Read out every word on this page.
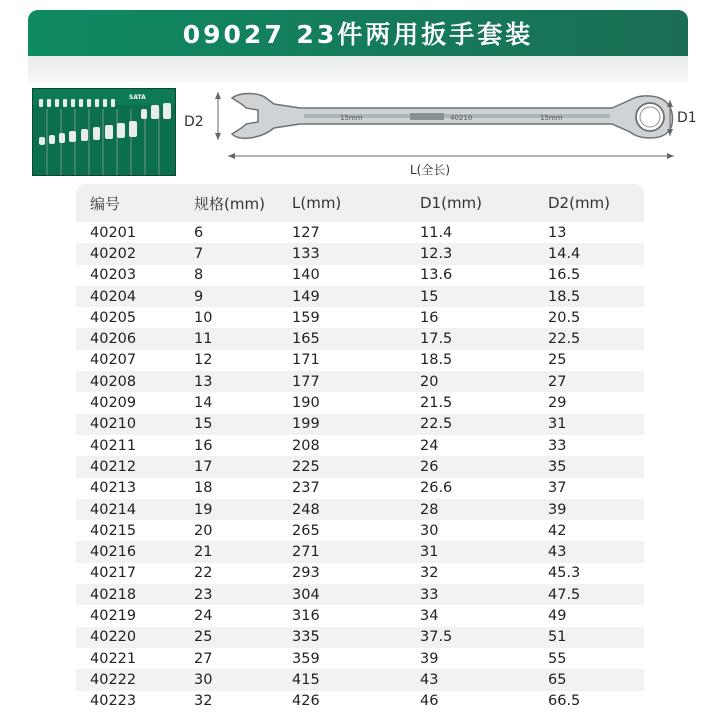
09027 23件两用扳手套装
SATA
D2	15mm	40210	15mm	D1
L(全长)
编号	规格(mm)	L(mm)	D1(mm)	D2(mm)
40201	6	127	11.4	13
40202	7	133	12.3	14.4
40203	8	140	13.6	16.5
40204	9	149	15	18.5
40205	10	159	16	20.5
40206	11	165	17.5	22.5
40207	12	171	18.5	25
40208	13	177	20	27
40209	14	190	21.5	29
40210	15	199	22.5	31
40211	16	208	24	33
40212	17	225	26	35
40213	18	237	26.6	37
40214	19	248	28	39
40215	20	265	30	42
40216	21	271	31	43
40217	22	293	32	45.3
40218	23	304	33	47.5
40219	24	316	34	49
40220	25	335	37.5	51
40221	27	359	39	55
40222	30	415	43	65
40223	32	426	46	66.5
